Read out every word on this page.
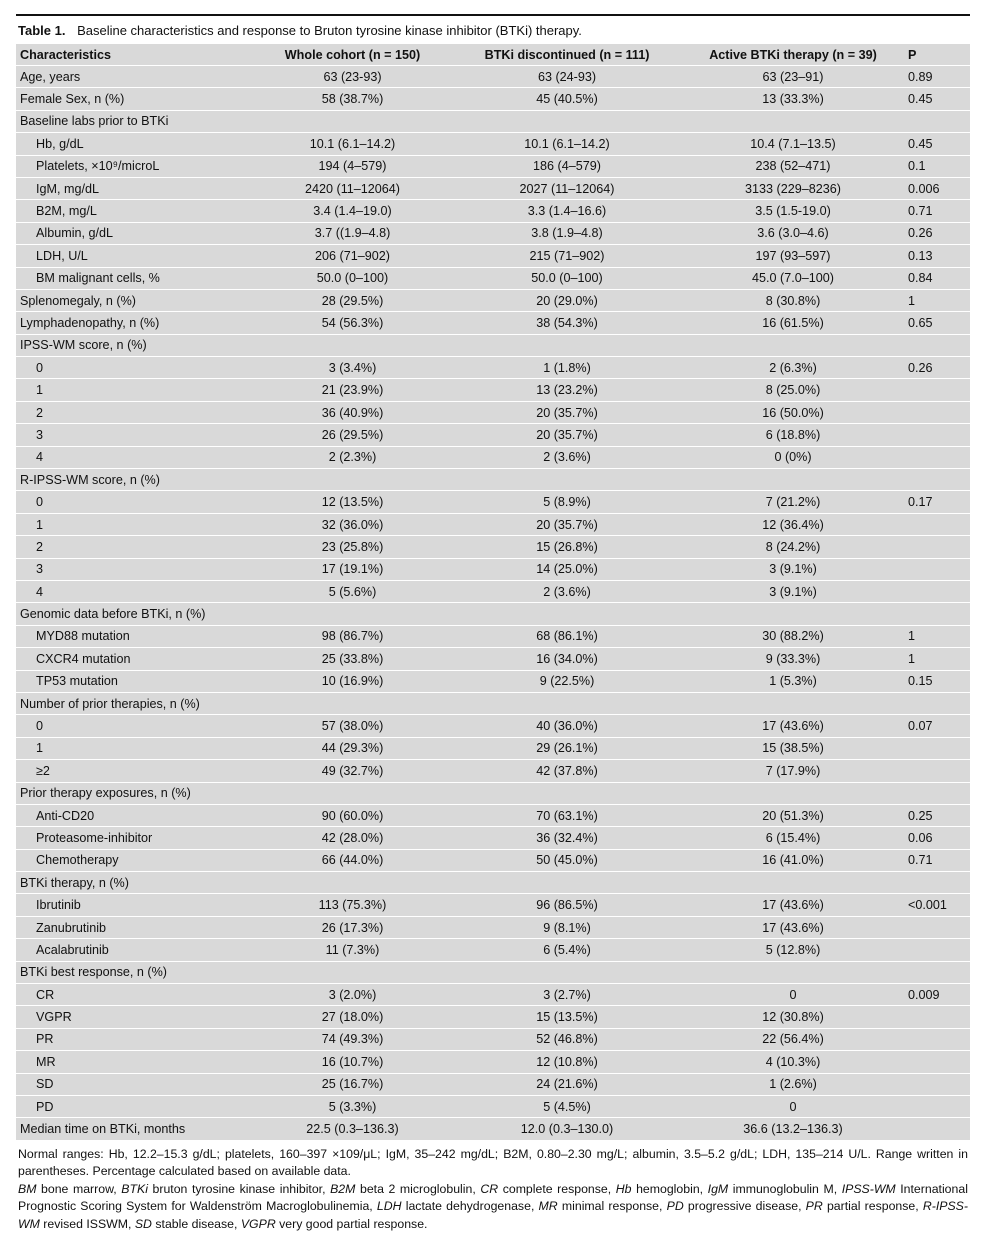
Table 1. Baseline characteristics and response to Bruton tyrosine kinase inhibitor (BTKi) therapy.
Characteristics	Whole cohort (n = 150)	BTKi discontinued (n = 111)	Active BTKi therapy (n = 39)	P
Age, years	63 (23-93)	63 (24-93)	63 (23–91)	0.89
Female Sex, n (%)	58 (38.7%)	45 (40.5%)	13 (33.3%)	0.45
Baseline labs prior to BTKi				
Hb, g/dL	10.1 (6.1–14.2)	10.1 (6.1–14.2)	10.4 (7.1–13.5)	0.45
Platelets, ×10⁹/microL	194 (4–579)	186 (4–579)	238 (52–471)	0.1
IgM, mg/dL	2420 (11–12064)	2027 (11–12064)	3133 (229–8236)	0.006
B2M, mg/L	3.4 (1.4–19.0)	3.3 (1.4–16.6)	3.5 (1.5-19.0)	0.71
Albumin, g/dL	3.7 ((1.9–4.8)	3.8 (1.9–4.8)	3.6 (3.0–4.6)	0.26
LDH, U/L	206 (71–902)	215 (71–902)	197 (93–597)	0.13
BM malignant cells, %	50.0 (0–100)	50.0 (0–100)	45.0 (7.0–100)	0.84
Splenomegaly, n (%)	28 (29.5%)	20 (29.0%)	8 (30.8%)	1
Lymphadenopathy, n (%)	54 (56.3%)	38 (54.3%)	16 (61.5%)	0.65
IPSS-WM score, n (%)				
0	3 (3.4%)	1 (1.8%)	2 (6.3%)	0.26
1	21 (23.9%)	13 (23.2%)	8 (25.0%)	
2	36 (40.9%)	20 (35.7%)	16 (50.0%)	
3	26 (29.5%)	20 (35.7%)	6 (18.8%)	
4	2 (2.3%)	2 (3.6%)	0 (0%)	
R-IPSS-WM score, n (%)				
0	12 (13.5%)	5 (8.9%)	7 (21.2%)	0.17
1	32 (36.0%)	20 (35.7%)	12 (36.4%)	
2	23 (25.8%)	15 (26.8%)	8 (24.2%)	
3	17 (19.1%)	14 (25.0%)	3 (9.1%)	
4	5 (5.6%)	2 (3.6%)	3 (9.1%)	
Genomic data before BTKi, n (%)				
MYD88 mutation	98 (86.7%)	68 (86.1%)	30 (88.2%)	1
CXCR4 mutation	25 (33.8%)	16 (34.0%)	9 (33.3%)	1
TP53 mutation	10 (16.9%)	9 (22.5%)	1 (5.3%)	0.15
Number of prior therapies, n (%)				
0	57 (38.0%)	40 (36.0%)	17 (43.6%)	0.07
1	44 (29.3%)	29 (26.1%)	15 (38.5%)	
≥2	49 (32.7%)	42 (37.8%)	7 (17.9%)	
Prior therapy exposures, n (%)				
Anti-CD20	90 (60.0%)	70 (63.1%)	20 (51.3%)	0.25
Proteasome-inhibitor	42 (28.0%)	36 (32.4%)	6 (15.4%)	0.06
Chemotherapy	66 (44.0%)	50 (45.0%)	16 (41.0%)	0.71
BTKi therapy, n (%)				
Ibrutinib	113 (75.3%)	96 (86.5%)	17 (43.6%)	<0.001
Zanubrutinib	26 (17.3%)	9 (8.1%)	17 (43.6%)	
Acalabrutinib	11 (7.3%)	6 (5.4%)	5 (12.8%)	
BTKi best response, n (%)				
CR	3 (2.0%)	3 (2.7%)	0	0.009
VGPR	27 (18.0%)	15 (13.5%)	12 (30.8%)	
PR	74 (49.3%)	52 (46.8%)	22 (56.4%)	
MR	16 (10.7%)	12 (10.8%)	4 (10.3%)	
SD	25 (16.7%)	24 (21.6%)	1 (2.6%)	
PD	5 (3.3%)	5 (4.5%)	0	
Median time on BTKi, months	22.5 (0.3–136.3)	12.0 (0.3–130.0)	36.6 (13.2–136.3)	

Normal ranges: Hb, 12.2–15.3 g/dL; platelets, 160–397 ×109/μL; IgM, 35–242 mg/dL; B2M, 0.80–2.30 mg/L; albumin, 3.5–5.2 g/dL; LDH, 135–214 U/L. Range written in parentheses. Percentage calculated based on available data.

BM bone marrow, BTKi bruton tyrosine kinase inhibitor, B2M beta 2 microglobulin, CR complete response, Hb hemoglobin, IgM immunoglobulin M, IPSS-WM International Prognostic Scoring System for Waldenström Macroglobulinemia, LDH lactate dehydrogenase, MR minimal response, PD progressive disease, PR partial response, R-IPSS-WM revised ISSWM, SD stable disease, VGPR very good partial response.
